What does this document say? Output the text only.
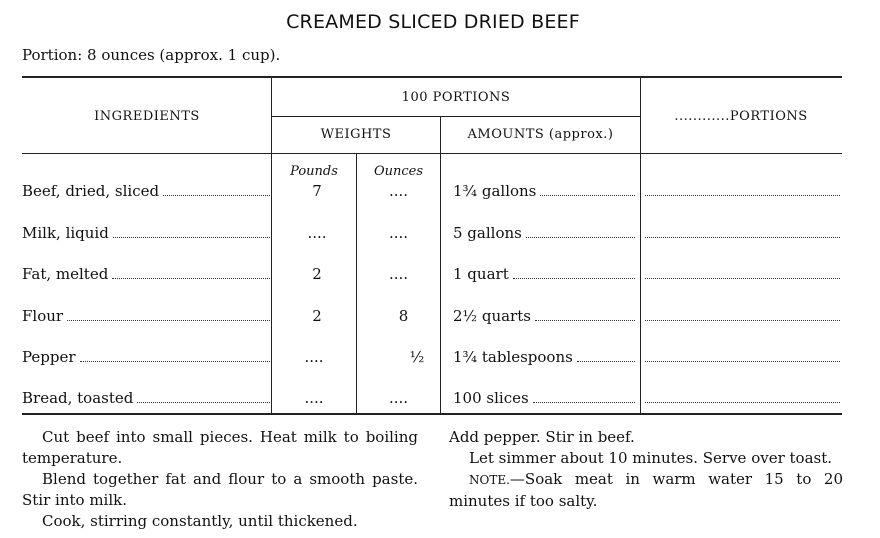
CREAMED SLICED DRIED BEEF
Portion: 8 ounces (approx. 1 cup).
INGREDIENTS
100 PORTIONS
WEIGHTS	AMOUNTS (approx.)
............PORTIONS
Pounds	Ounces
Beef, dried, sliced	7	....	1¾ gallons
Milk, liquid	....	....	5 gallons
Fat, melted	2	....	1 quart
Flour	2	8	2½ quarts
Pepper	....	½	1¾ tablespoons
Bread, toasted	....	....	100 slices

Cut beef into small pieces. Heat milk to boiling temperature.

Blend together fat and flour to a smooth paste. Stir into milk.

Cook, stirring constantly, until thickened.

Add pepper. Stir in beef.

Let simmer about 10 minutes. Serve over toast.

NOTE.—Soak meat in warm water 15 to 20 minutes if too salty.
